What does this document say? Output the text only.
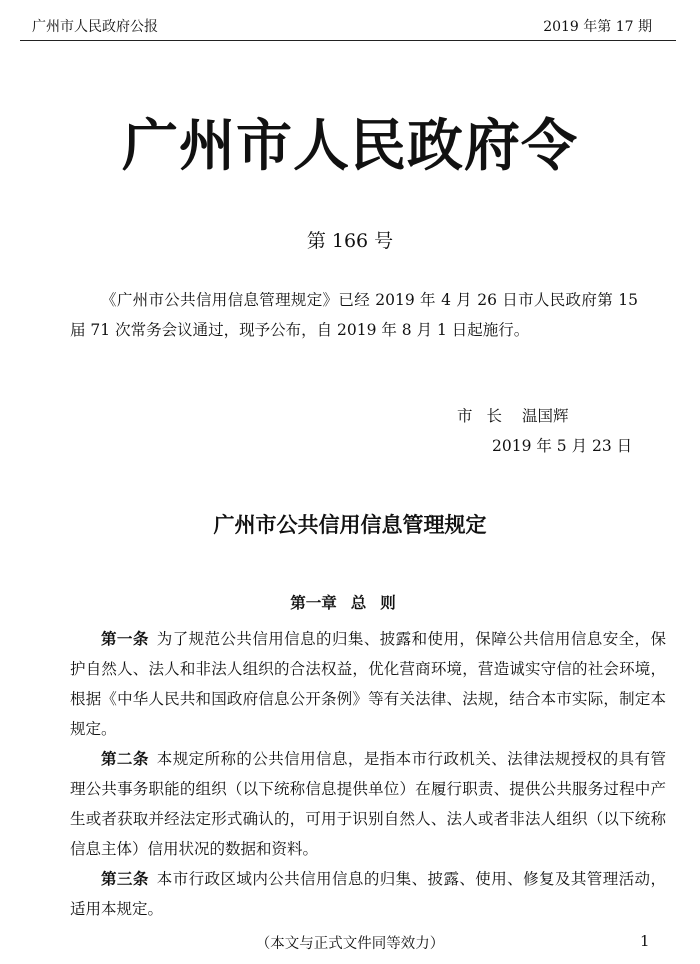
广州市人民政府公报	2019 年第 17 期
广州市人民政府令
第 166 号
《广州市公共信用信息管理规定》已经 2019 年 4 月 26 日市人民政府第 15 届 71 次常务会议通过，现予公布，自 2019 年 8 月 1 日起施行。
市长 温国辉
2019 年 5 月 23 日
广州市公共信用信息管理规定
第一章 总则
第一条 为了规范公共信用信息的归集、披露和使用，保障公共信用信息安全，保护自然人、法人和非法人组织的合法权益，优化营商环境，营造诚实守信的社会环境，根据《中华人民共和国政府信息公开条例》等有关法律、法规，结合本市实际，制定本规定。
第二条 本规定所称的公共信用信息，是指本市行政机关、法律法规授权的具有管理公共事务职能的组织（以下统称信息提供单位）在履行职责、提供公共服务过程中产生或者获取并经法定形式确认的，可用于识别自然人、法人或者非法人组织（以下统称信息主体）信用状况的数据和资料。
第三条 本市行政区域内公共信用信息的归集、披露、使用、修复及其管理活动，适用本规定。
（本文与正式文件同等效力）	1
